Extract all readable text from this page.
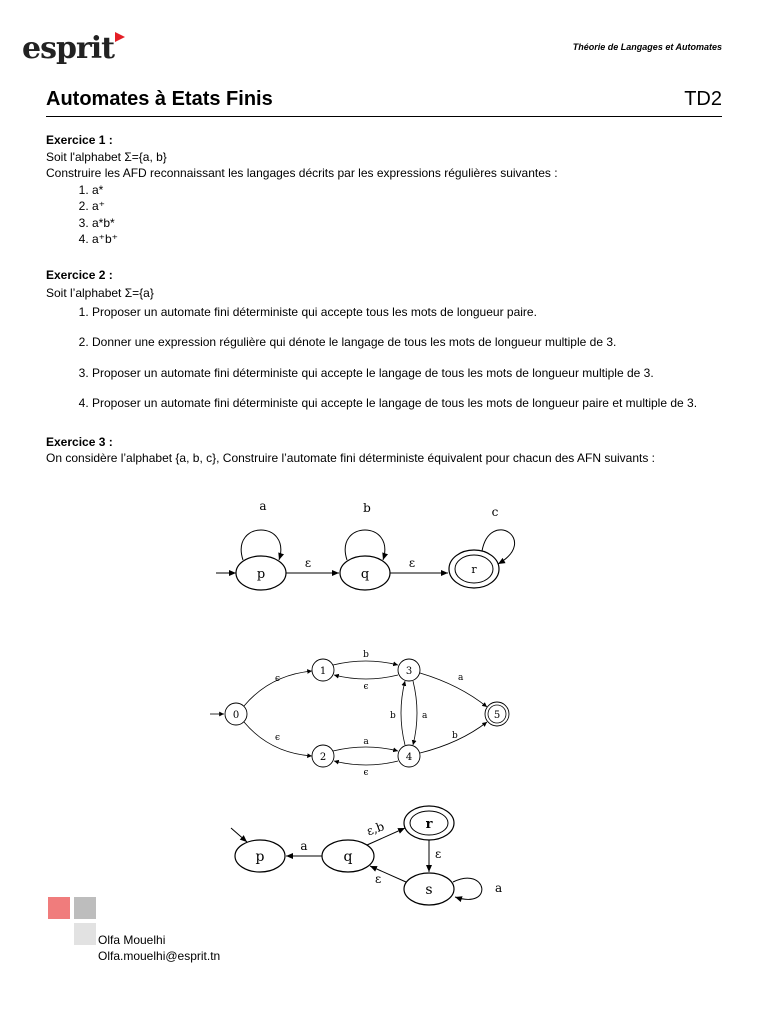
esprit	Théorie de Langages et Automates
Automates à Etats Finis	TD2
Exercice 1 :
Soit l'alphabet Σ={a, b}
Construire les AFD reconnaissant les langages décrits par les expressions régulières suivantes :
1. a*
2. a⁺
3. a*b*
4. a⁺b⁺
Exercice 2 :
Soit l’alphabet Σ={a}
1. Proposer un automate fini déterministe qui accepte tous les mots de longueur paire.
2. Donner une expression régulière qui dénote le langage de tous les mots de longueur multiple de 3.
3. Proposer un automate fini déterministe qui accepte le langage de tous les mots de longueur multiple de 3.
4. Proposer un automate fini déterministe qui accepte le langage de tous les mots de longueur paire et multiple de 3.
Exercice 3 :
On considère l’alphabet {a, b, c}, Construire l’automate fini déterministe équivalent pour chacun des AFN suivants :
p
a
ε
q
b
ε	r
c
0
1
2
3
4
5
ϵ
ϵ
b
ϵ
a
ϵ
a
b
b	a
p	q
a
r
ε,b
s
ε
ε
a
Olfa Mouelhi
Olfa.mouelhi@esprit.tn
